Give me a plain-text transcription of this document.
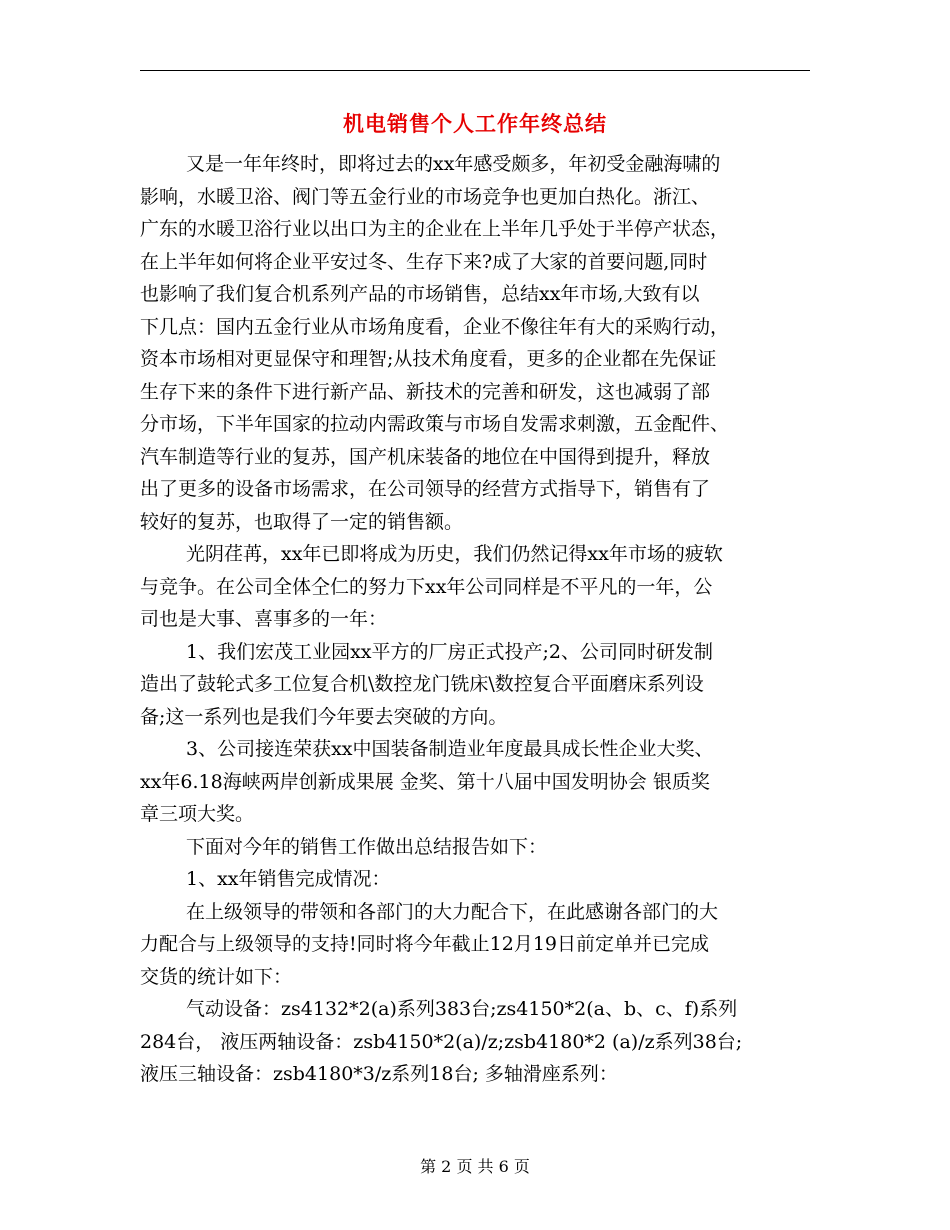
机电销售个人工作年终总结
又是一年年终时，即将过去的xx年感受颇多，年初受金融海啸的
影响，水暖卫浴、阀门等五金行业的市场竞争也更加白热化。浙江、
广东的水暖卫浴行业以出口为主的企业在上半年几乎处于半停产状态，
在上半年如何将企业平安过冬、生存下来?成了大家的首要问题,同时
也影响了我们复合机系列产品的市场销售，总结xx年市场,大致有以
下几点：国内五金行业从市场角度看，企业不像往年有大的采购行动，
资本市场相对更显保守和理智;从技术角度看，更多的企业都在先保证
生存下来的条件下进行新产品、新技术的完善和研发，这也减弱了部
分市场，下半年国家的拉动内需政策与市场自发需求刺激，五金配件、
汽车制造等行业的复苏，国产机床装备的地位在中国得到提升，释放
出了更多的设备市场需求，在公司领导的经营方式指导下，销售有了
较好的复苏，也取得了一定的销售额。
光阴荏苒，xx年已即将成为历史，我们仍然记得xx年市场的疲软
与竞争。在公司全体仝仁的努力下xx年公司同样是不平凡的一年，公
司也是大事、喜事多的一年：
1、我们宏茂工业园xx平方的厂房正式投产;2、公司同时研发制
造出了鼓轮式多工位复合机\数控龙门铣床\数控复合平面磨床系列设
备;这一系列也是我们今年要去突破的方向。
3、公司接连荣获xx中国装备制造业年度最具成长性企业大奖、
xx年6.18海峡两岸创新成果展 金奖、第十八届中国发明协会 银质奖
章三项大奖。
下面对今年的销售工作做出总结报告如下：
1、xx年销售完成情况：
在上级领导的带领和各部门的大力配合下，在此感谢各部门的大
力配合与上级领导的支持!同时将今年截止12月19日前定单并已完成
交货的统计如下：
气动设备：zs4132*2(a)系列383台;zs4150*2(a、b、c、f)系列
284台， 液压两轴设备：zsb4150*2(a)/z;zsb4180*2 (a)/z系列38台;
液压三轴设备：zsb4180*3/z系列18台; 多轴滑座系列：
第 2 页 共 6 页
